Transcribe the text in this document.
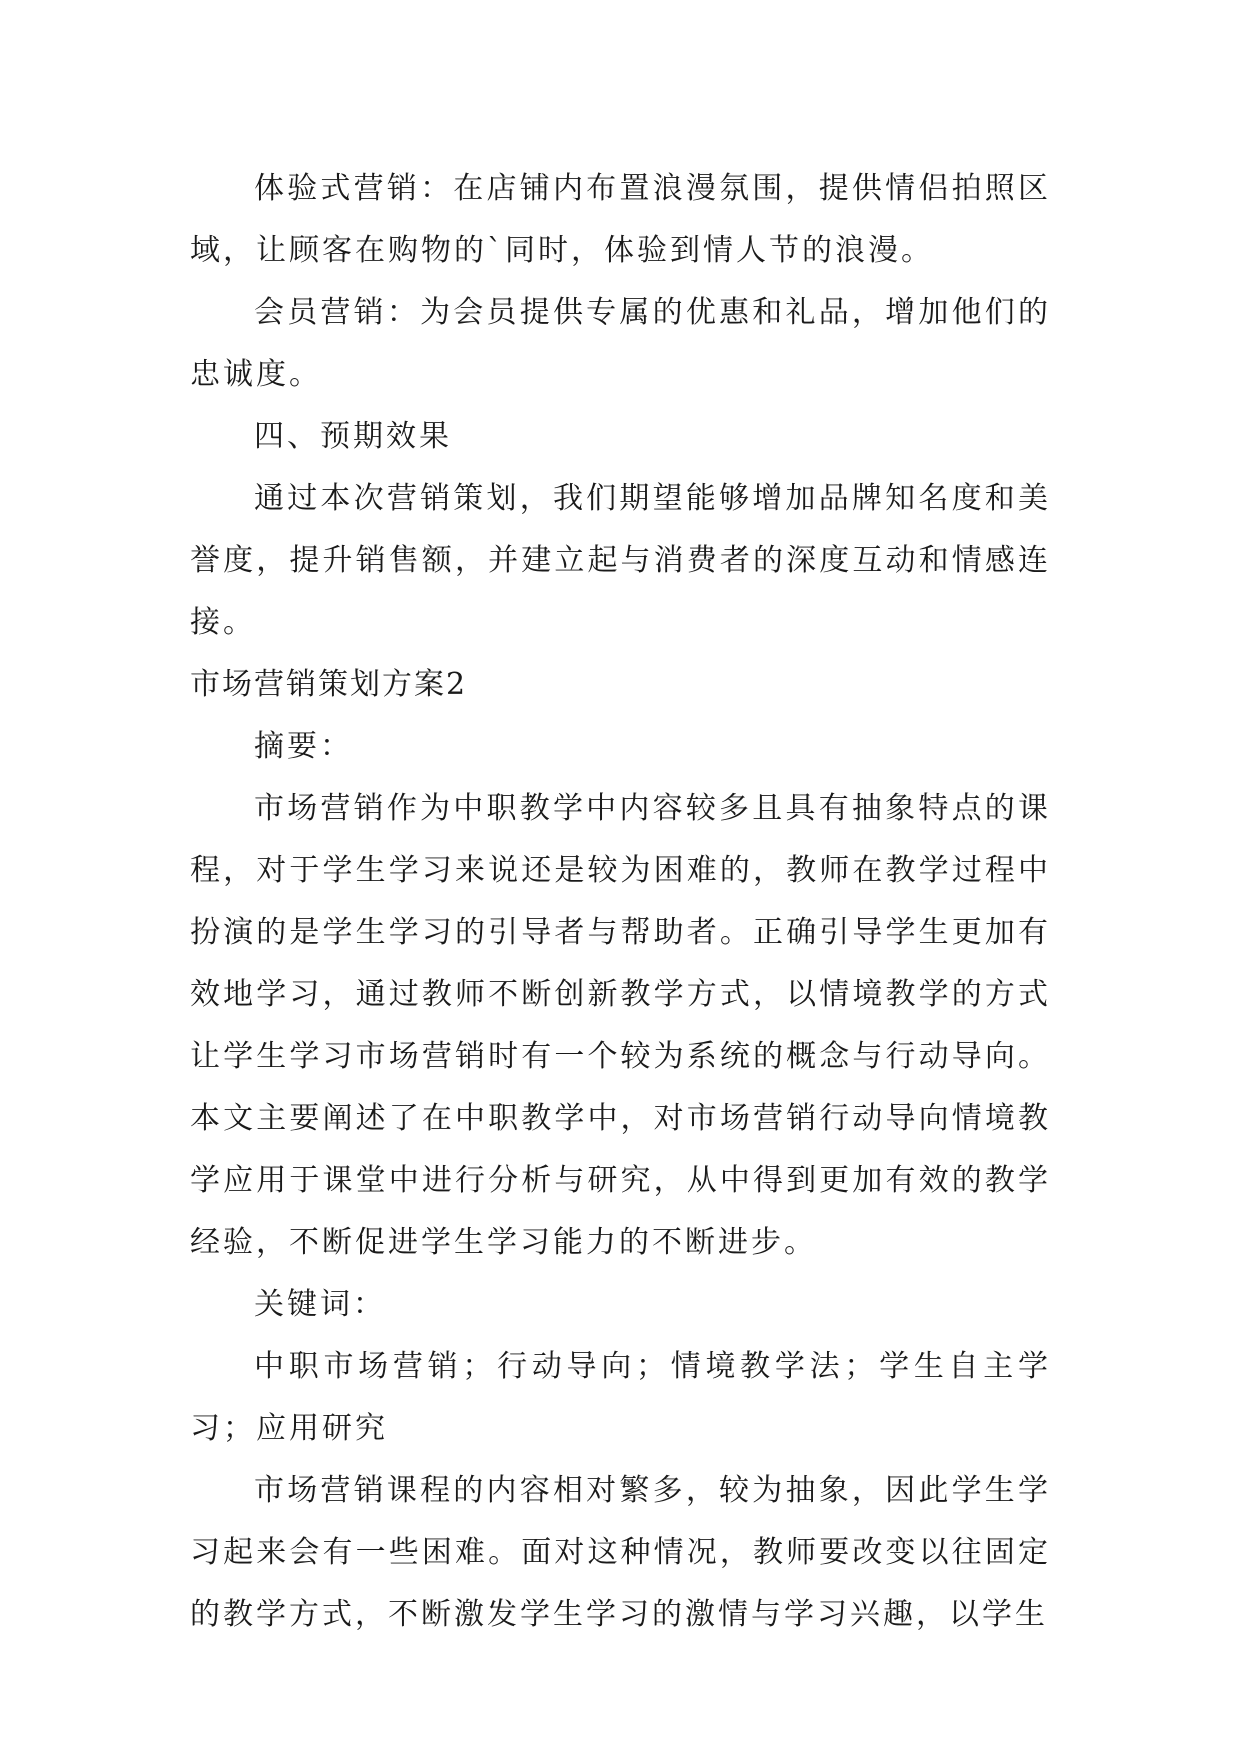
体验式营销：在店铺内布置浪漫氛围，提供情侣拍照区域，让顾客在购物的`同时，体验到情人节的浪漫。

会员营销：为会员提供专属的优惠和礼品，增加他们的忠诚度。

四、预期效果

通过本次营销策划，我们期望能够增加品牌知名度和美誉度，提升销售额，并建立起与消费者的深度互动和情感连接。

市场营销策划方案2

摘要：

市场营销作为中职教学中内容较多且具有抽象特点的课程，对于学生学习来说还是较为困难的，教师在教学过程中扮演的是学生学习的引导者与帮助者。正确引导学生更加有效地学习，通过教师不断创新教学方式，以情境教学的方式让学生学习市场营销时有一个较为系统的概念与行动导向。本文主要阐述了在中职教学中，对市场营销行动导向情境教学应用于课堂中进行分析与研究，从中得到更加有效的教学经验，不断促进学生学习能力的不断进步。

关键词：

中职市场营销；行动导向；情境教学法；学生自主学习；应用研究

市场营销课程的内容相对繁多，较为抽象，因此学生学习起来会有一些困难。面对这种情况，教师要改变以往固定的教学方式，不断激发学生学习的激情与学习兴趣，以学生
